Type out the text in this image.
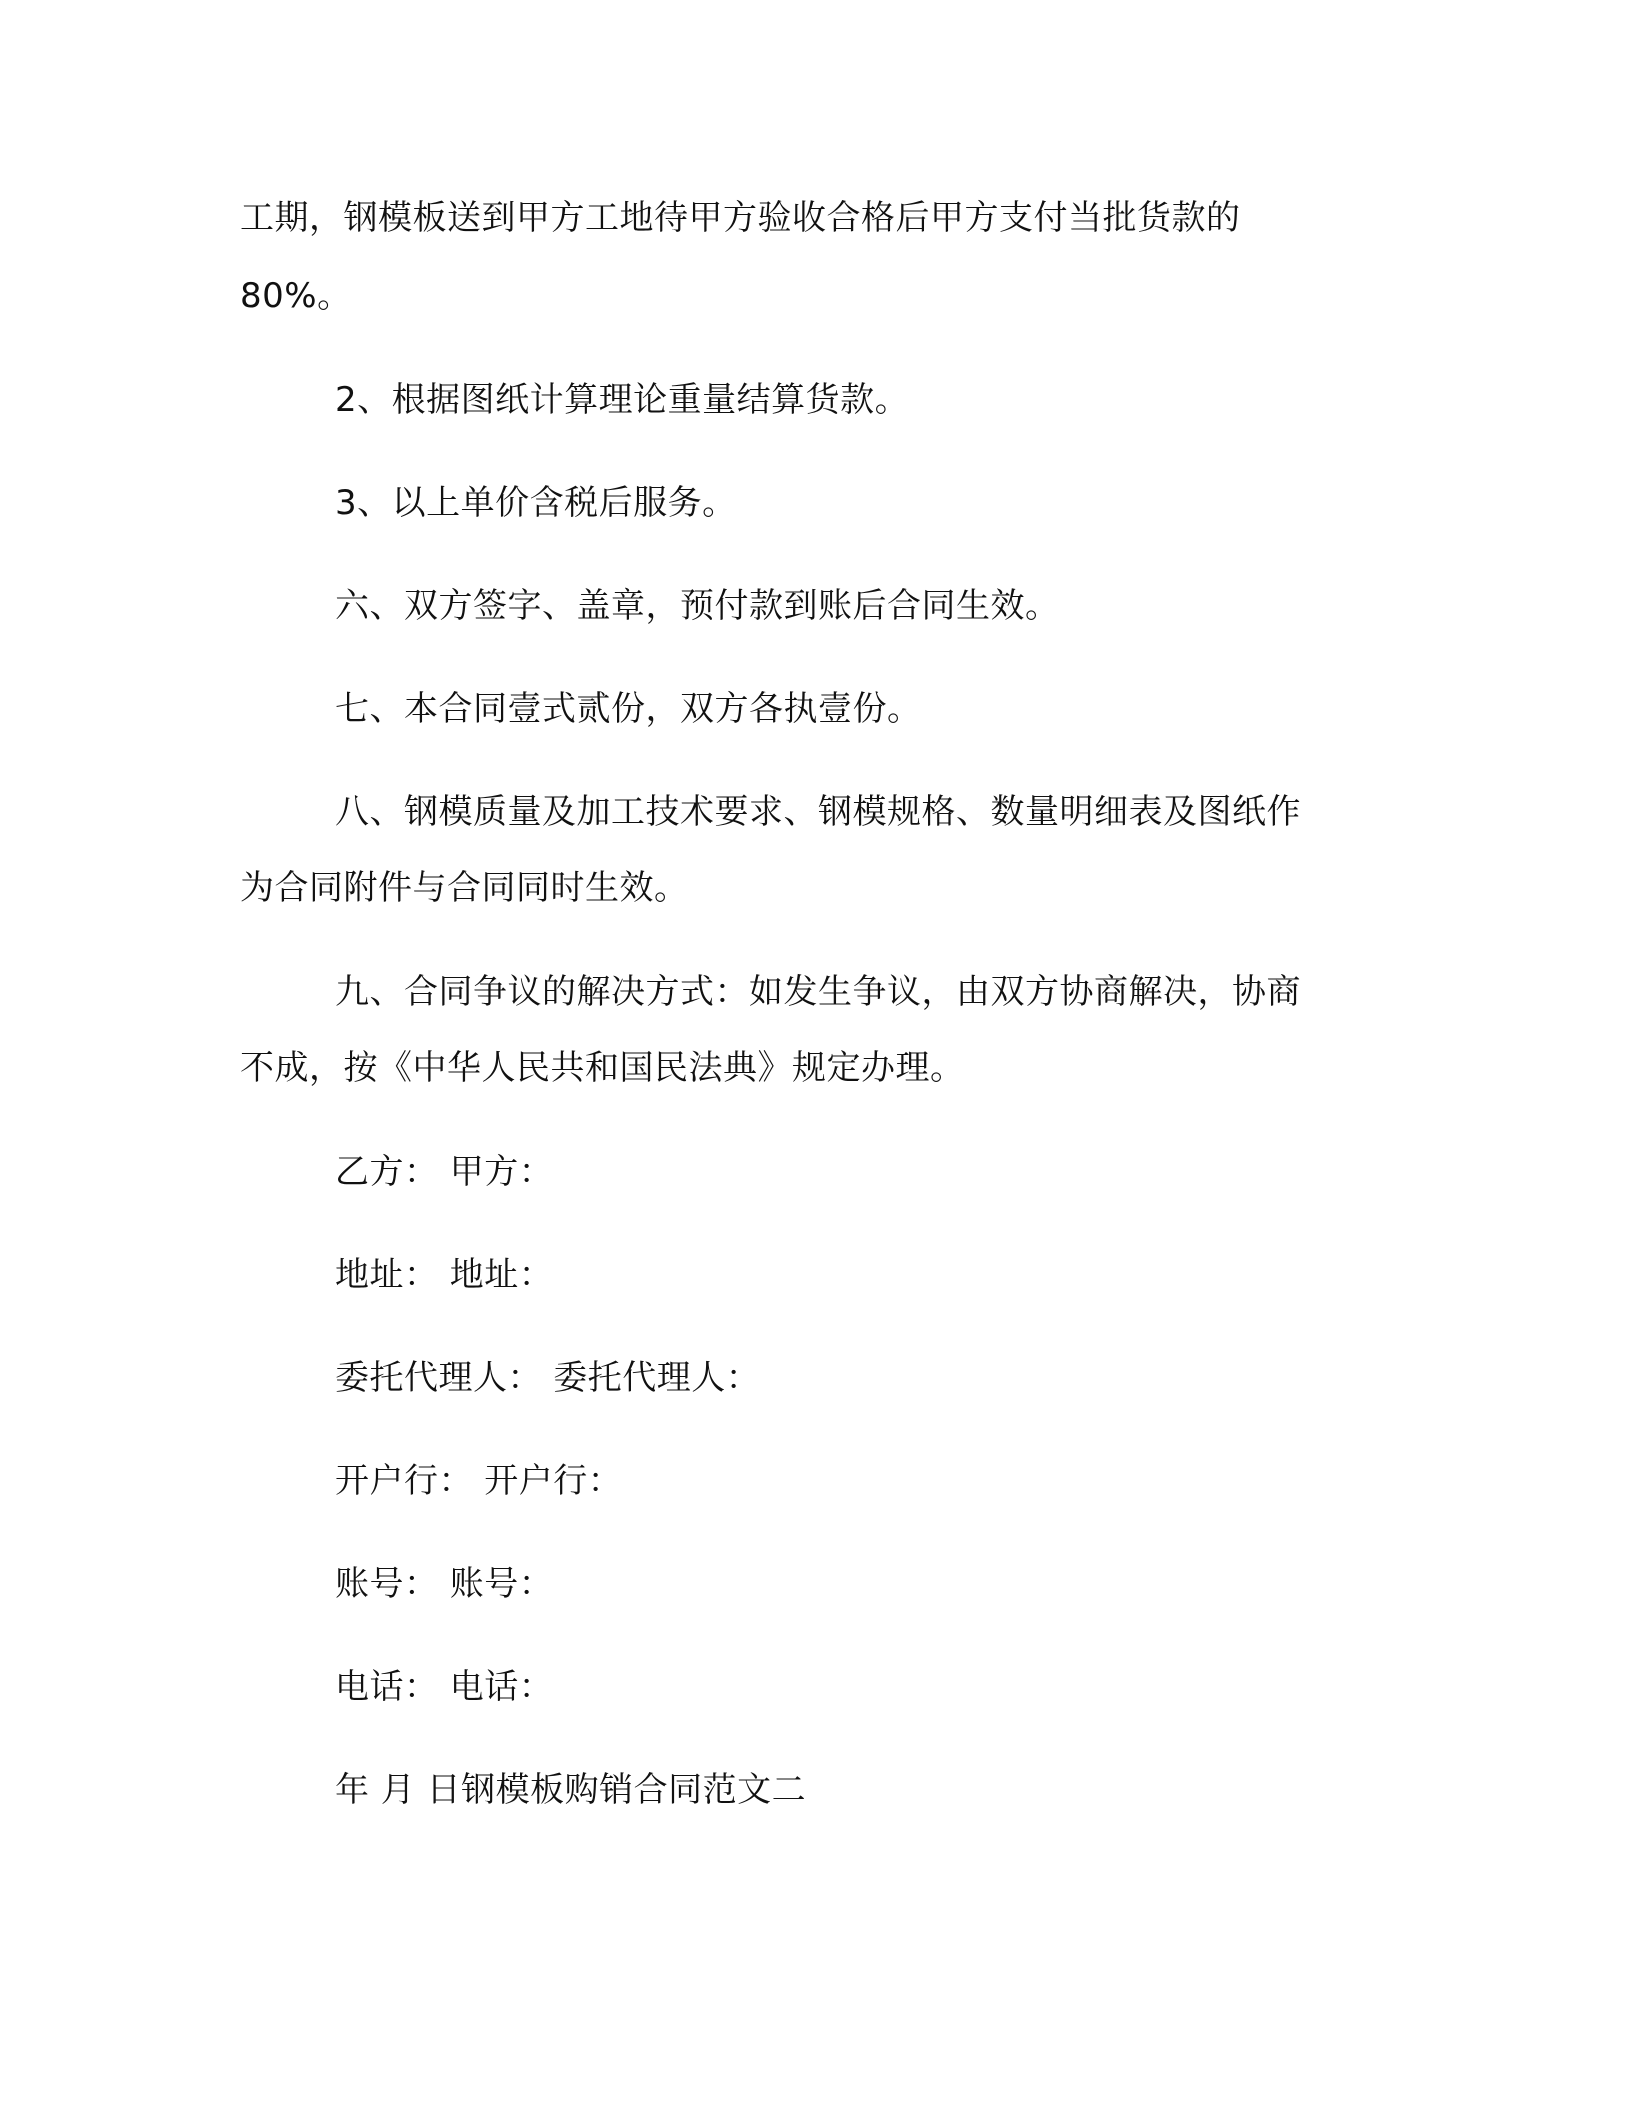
工期，钢模板送到甲方工地待甲方验收合格后甲方支付当批货款的
80%。
2、根据图纸计算理论重量结算货款。
3、以上单价含税后服务。
六、双方签字、盖章，预付款到账后合同生效。
七、本合同壹式贰份，双方各执壹份。
八、钢模质量及加工技术要求、钢模规格、数量明细表及图纸作
为合同附件与合同同时生效。
九、合同争议的解决方式：如发生争议，由双方协商解决，协商
不成，按《中华人民共和国民法典》规定办理。
乙方： 甲方：
地址： 地址：
委托代理人： 委托代理人：
开户行： 开户行：
账号： 账号：
电话： 电话：
年 月 日钢模板购销合同范文二
